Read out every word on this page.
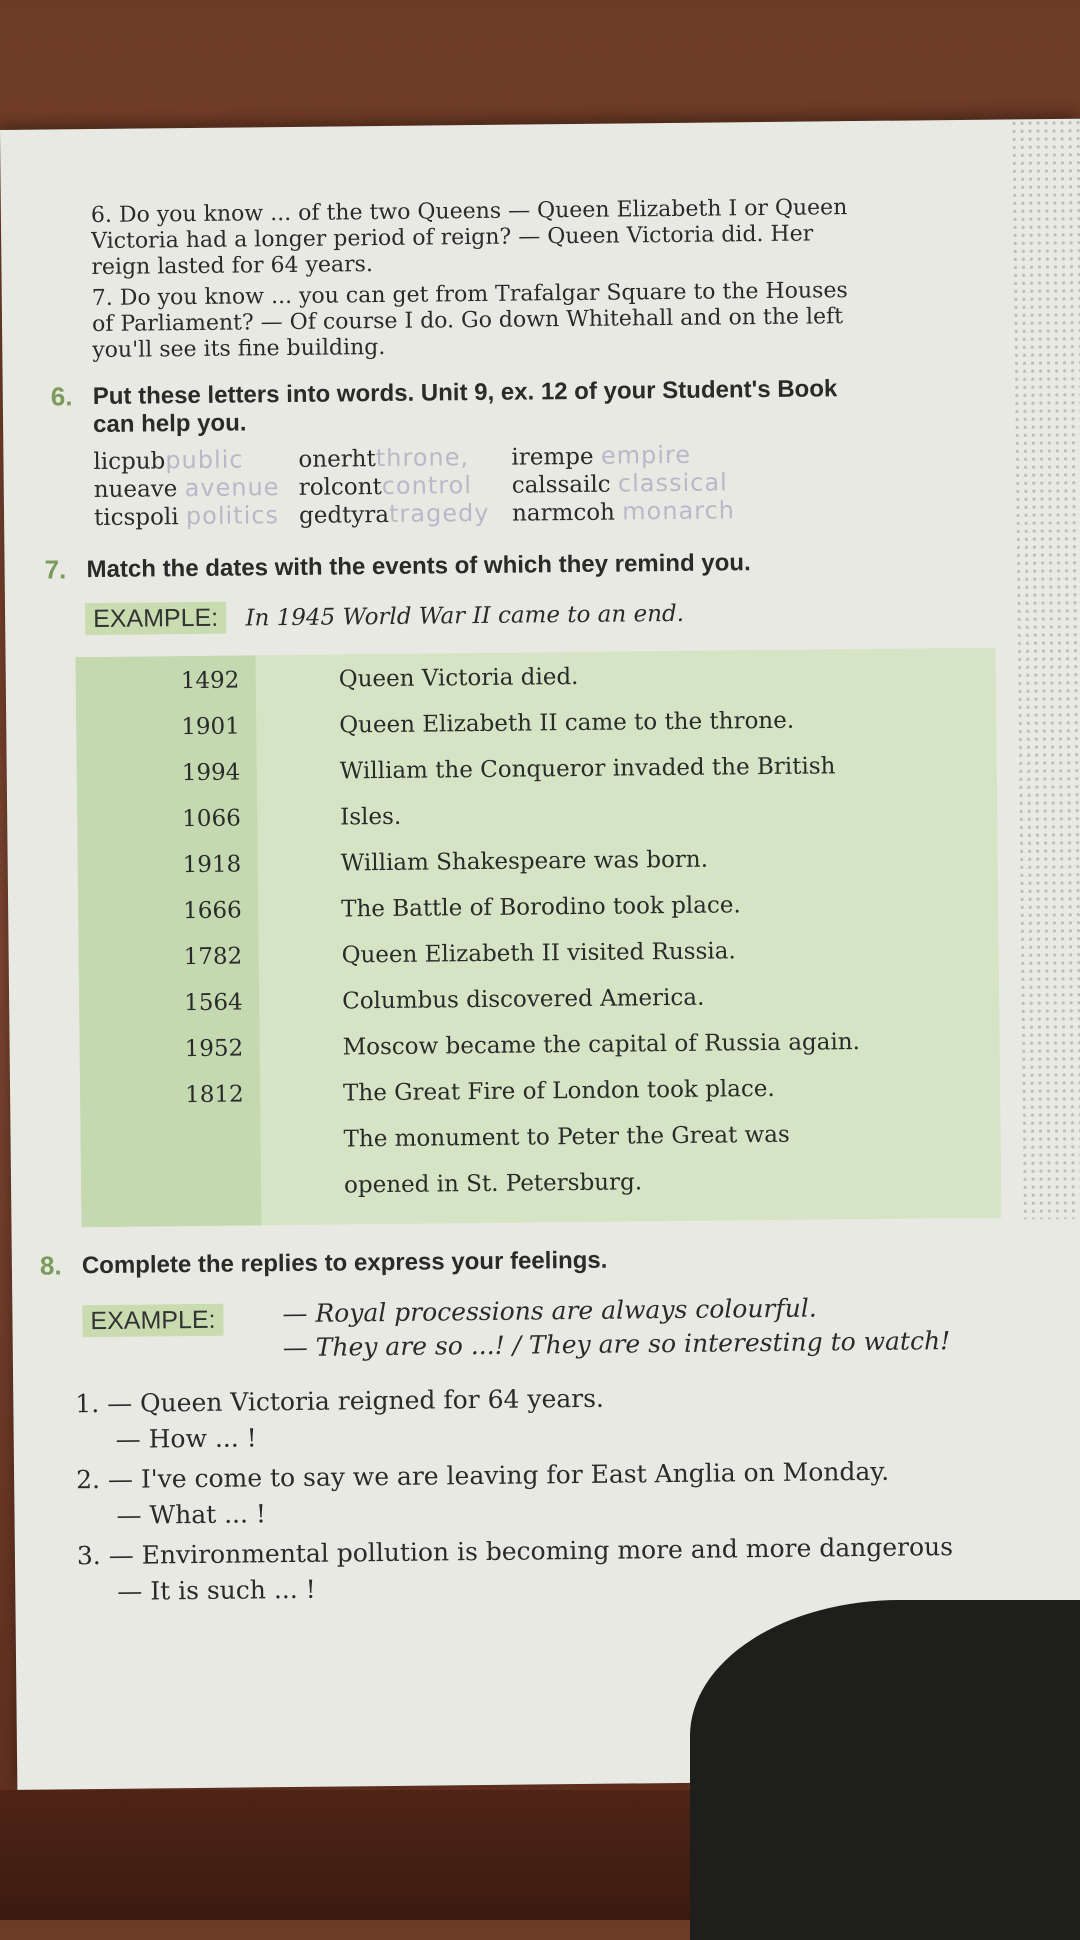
6. Do you know ... of the two Queens — Queen Elizabeth I or Queen
Victoria had a longer period of reign? — Queen Victoria did. Her
reign lasted for 64 years.
7. Do you know ... you can get from Trafalgar Square to the Houses
of Parliament? — Of course I do. Go down Whitehall and on the left
you'll see its fine building.
6. Put these letters into words. Unit 9, ex. 12 of your Student's Book
can help you.
licpubpublic onerhtthrone, irempe empire
nueave avenue rolcontcontrol calssailc classical
ticspoli politics gedtyratragedy narmcoh monarch
7. Match the dates with the events of which they remind you.
EXAMPLE: In 1945 World War II came to an end.
1492
1901
1994
1066
1918
1666
1782
1564
1952
1812
Queen Victoria died.
Queen Elizabeth II came to the throne.
William the Conqueror invaded the British
Isles.
William Shakespeare was born.
The Battle of Borodino took place.
Queen Elizabeth II visited Russia.
Columbus discovered America.
Moscow became the capital of Russia again.
The Great Fire of London took place.
The monument to Peter the Great was
opened in St. Petersburg.
8. Complete the replies to express your feelings.
EXAMPLE:	— Royal processions are always colourful.
— They are so ...! / They are so interesting to watch!
1. — Queen Victoria reigned for 64 years.
— How ... !
2. — I've come to say we are leaving for East Anglia on Monday.
— What ... !
3. — Environmental pollution is becoming more and more dangerous
— It is such ... !
